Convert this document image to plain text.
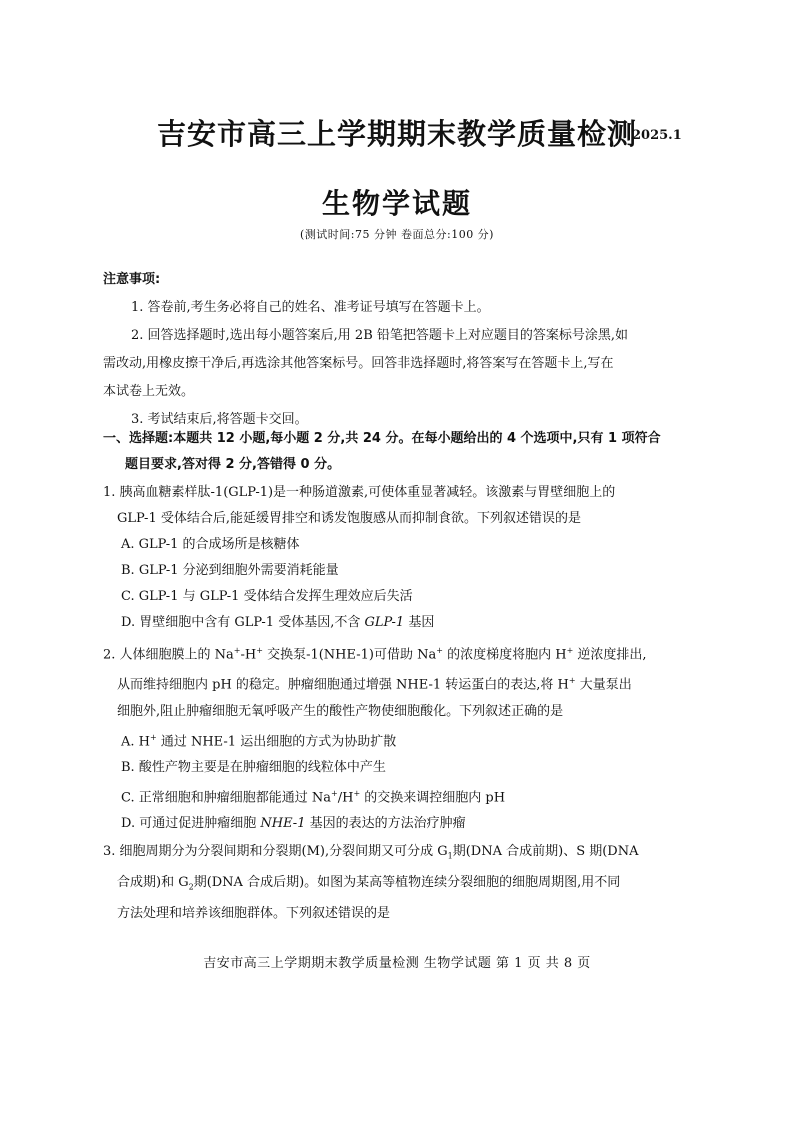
吉安市高三上学期期末教学质量检测
2025.1
生物学试题
(测试时间:75 分钟 卷面总分:100 分)
注意事项:
1. 答卷前,考生务必将自己的姓名、准考证号填写在答题卡上。
2. 回答选择题时,选出每小题答案后,用 2B 铅笔把答题卡上对应题目的答案标号涂黑,如
需改动,用橡皮擦干净后,再选涂其他答案标号。回答非选择题时,将答案写在答题卡上,写在
本试卷上无效。
3. 考试结束后,将答题卡交回。
一、选择题:本题共 12 小题,每小题 2 分,共 24 分。在每小题给出的 4 个选项中,只有 1 项符合
题目要求,答对得 2 分,答错得 0 分。
1. 胰高血糖素样肽-1(GLP-1)是一种肠道激素,可使体重显著减轻。该激素与胃壁细胞上的
GLP-1 受体结合后,能延缓胃排空和诱发饱腹感从而抑制食欲。下列叙述错误的是
A. GLP-1 的合成场所是核糖体
B. GLP-1 分泌到细胞外需要消耗能量
C. GLP-1 与 GLP-1 受体结合发挥生理效应后失活
D. 胃壁细胞中含有 GLP-1 受体基因,不含 GLP-1 基因
2. 人体细胞膜上的 Na+-H+ 交换泵-1(NHE-1)可借助 Na+ 的浓度梯度将胞内 H+ 逆浓度排出,
从而维持细胞内 pH 的稳定。肿瘤细胞通过增强 NHE-1 转运蛋白的表达,将 H+ 大量泵出
细胞外,阻止肿瘤细胞无氧呼吸产生的酸性产物使细胞酸化。下列叙述正确的是
A. H+ 通过 NHE-1 运出细胞的方式为协助扩散
B. 酸性产物主要是在肿瘤细胞的线粒体中产生
C. 正常细胞和肿瘤细胞都能通过 Na+/H+ 的交换来调控细胞内 pH
D. 可通过促进肿瘤细胞 NHE-1 基因的表达的方法治疗肿瘤
3. 细胞周期分为分裂间期和分裂期(M),分裂间期又可分成 $G_1$期(DNA 合成前期)、S 期(DNA
合成期)和 $G_2$期(DNA 合成后期)。如图为某高等植物连续分裂细胞的细胞周期图,用不同
方法处理和培养该细胞群体。下列叙述错误的是
吉安市高三上学期期末教学质量检测 生物学试题 第 1 页 共 8 页
